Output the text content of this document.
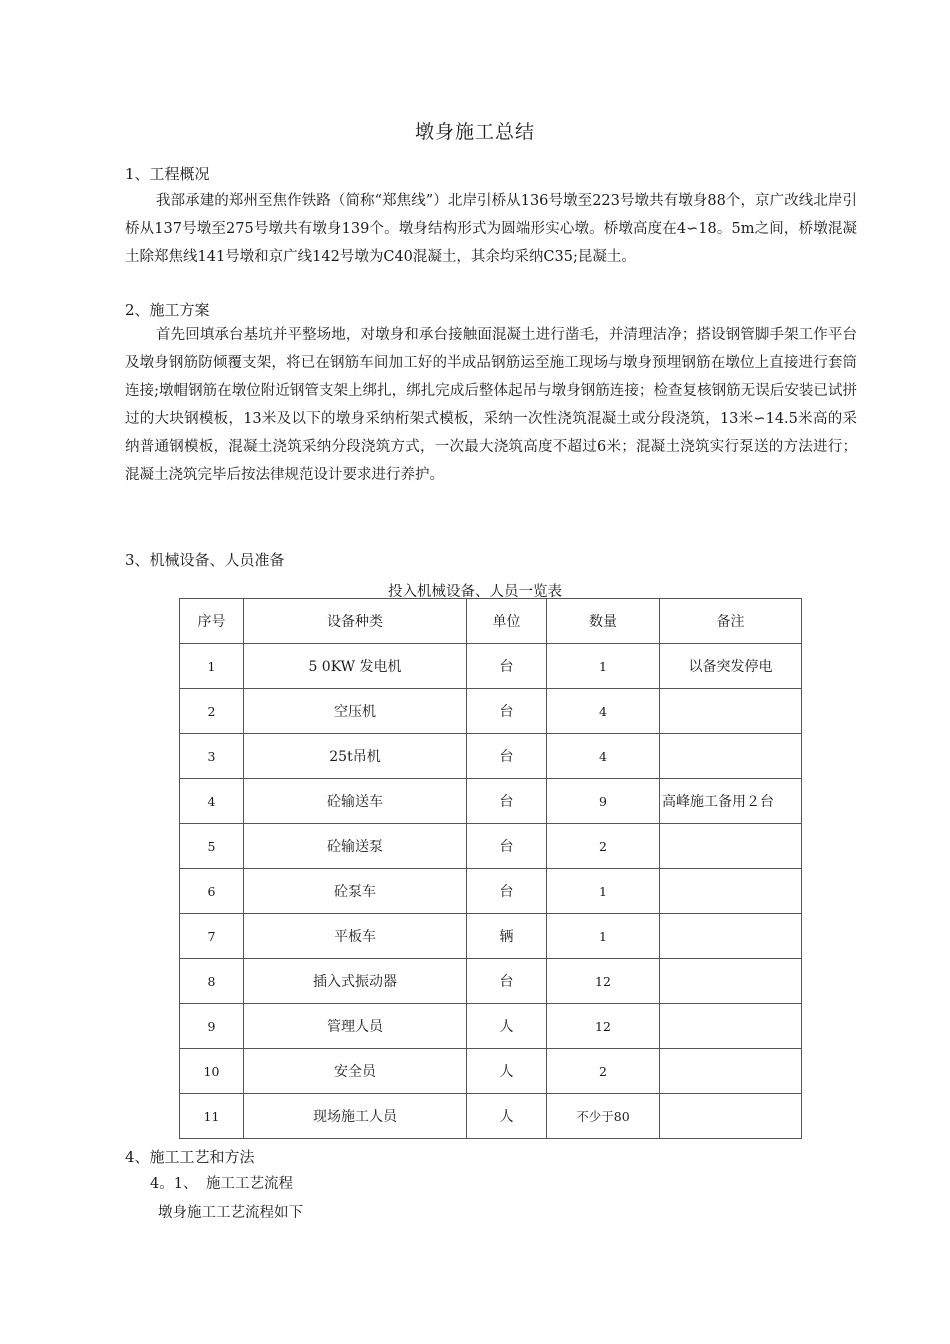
墩身施工总结
1、工程概况

我部承建的郑州至焦作铁路（简称“郑焦线”）北岸引桥从136号墩至223号墩共有墩身88个，京广改线北岸引桥从137号墩至275号墩共有墩身139个。墩身结构形式为圆端形实心墩。桥墩高度在4∽18。5m之间，桥墩混凝土除郑焦线141号墩和京广线142号墩为C40混凝土，其余均采纳C35;昆凝土。

2、施工方案

首先回填承台基坑并平整场地，对墩身和承台接触面混凝土进行凿毛，并清理洁净；搭设钢管脚手架工作平台及墩身钢筋防倾覆支架，将已在钢筋车间加工好的半成品钢筋运至施工现场与墩身预埋钢筋在墩位上直接进行套筒连接;墩帽钢筋在墩位附近钢管支架上绑扎，绑扎完成后整体起吊与墩身钢筋连接；检查复核钢筋无误后安装已试拼过的大块钢模板，13米及以下的墩身采纳桁架式模板，采纳一次性浇筑混凝土或分段浇筑，13米∽14.5米高的采纳普通钢模板，混凝土浇筑采纳分段浇筑方式，一次最大浇筑高度不超过6米；混凝土浇筑实行泵送的方法进行；混凝土浇筑完毕后按法律规范设计要求进行养护。

3、机械设备、人员准备
投入机械设备、人员一览表
序号	设备种类	单位	数量	备注
1	5 0KW 发电机	台	1	以备突发停电
2	空压机	台	4	
3	25t吊机	台	4	
4	砼输送车	台	9	高峰施工备用２台
5	砼输送泵	台	2	
6	砼泵车	台	1	
7	平板车	辆	1	
8	插入式振动器	台	12	
9	管理人员	人	12	
10	安全员	人	2	
11	现场施工人员	人	不少于80	
4、施工工艺和方法
4。1、 施工工艺流程
墩身施工工艺流程如下
